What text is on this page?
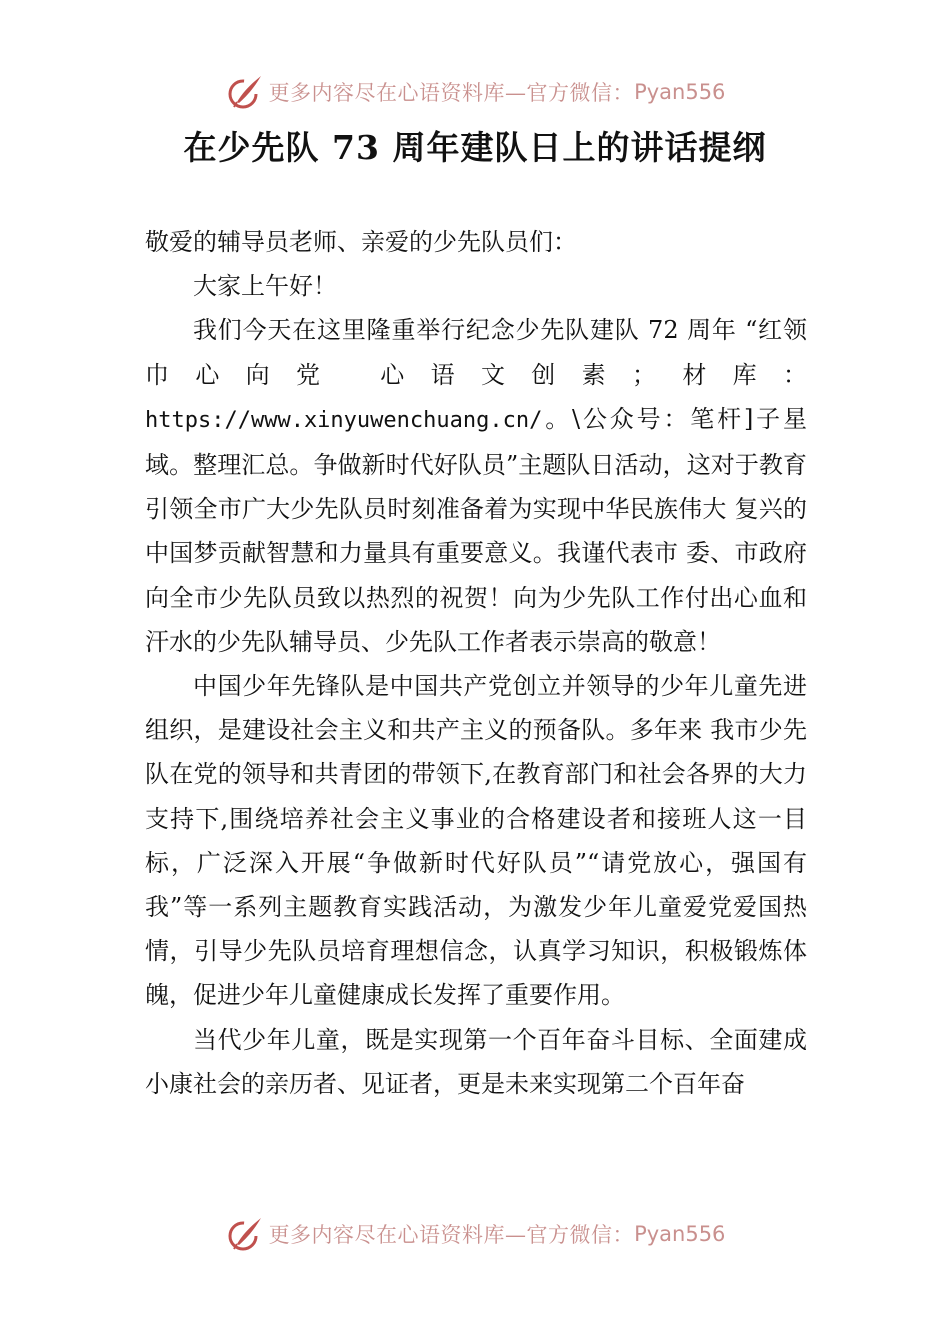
更多内容尽在心语资料库—官方微信： Pyan556
在少先队 73 周年建队日上的讲话提纲

敬爱的辅导员老师、亲爱的少先队员们：

大家上午好！

我们今天在这里隆重举行纪念少先队建队 72 周年 “红领巾心向党 心语文创素；材库：https://www.xinyuwenchuang.cn/。\公众号：笔杆]子星域。整理汇总。争做新时代好队员”主题队日活动，这对于教育引领全市广大少先队员时刻准备着为实现中华民族伟大 复兴的中国梦贡献智慧和力量具有重要意义。我谨代表市 委、市政府向全市少先队员致以热烈的祝贺！向为少先队工作付出心血和汗水的少先队辅导员、少先队工作者表示崇高的敬意！

中国少年先锋队是中国共产党创立并领导的少年儿童先进组织，是建设社会主义和共产主义的预备队。多年来 我市少先队在党的领导和共青团的带领下,在教育部门和社会各界的大力支持下,围绕培养社会主义事业的合格建设者和接班人这一目标，广泛深入开展“争做新时代好队员”“请党放心，强国有我”等一系列主题教育实践活动，为激发少年儿童爱党爱国热情，引导少先队员培育理想信念，认真学习知识，积极锻炼体魄，促进少年儿童健康成长发挥了重要作用。

当代少年儿童，既是实现第一个百年奋斗目标、全面建成小康社会的亲历者、见证者，更是未来实现第二个百年奋

更多内容尽在心语资料库—官方微信： Pyan556
